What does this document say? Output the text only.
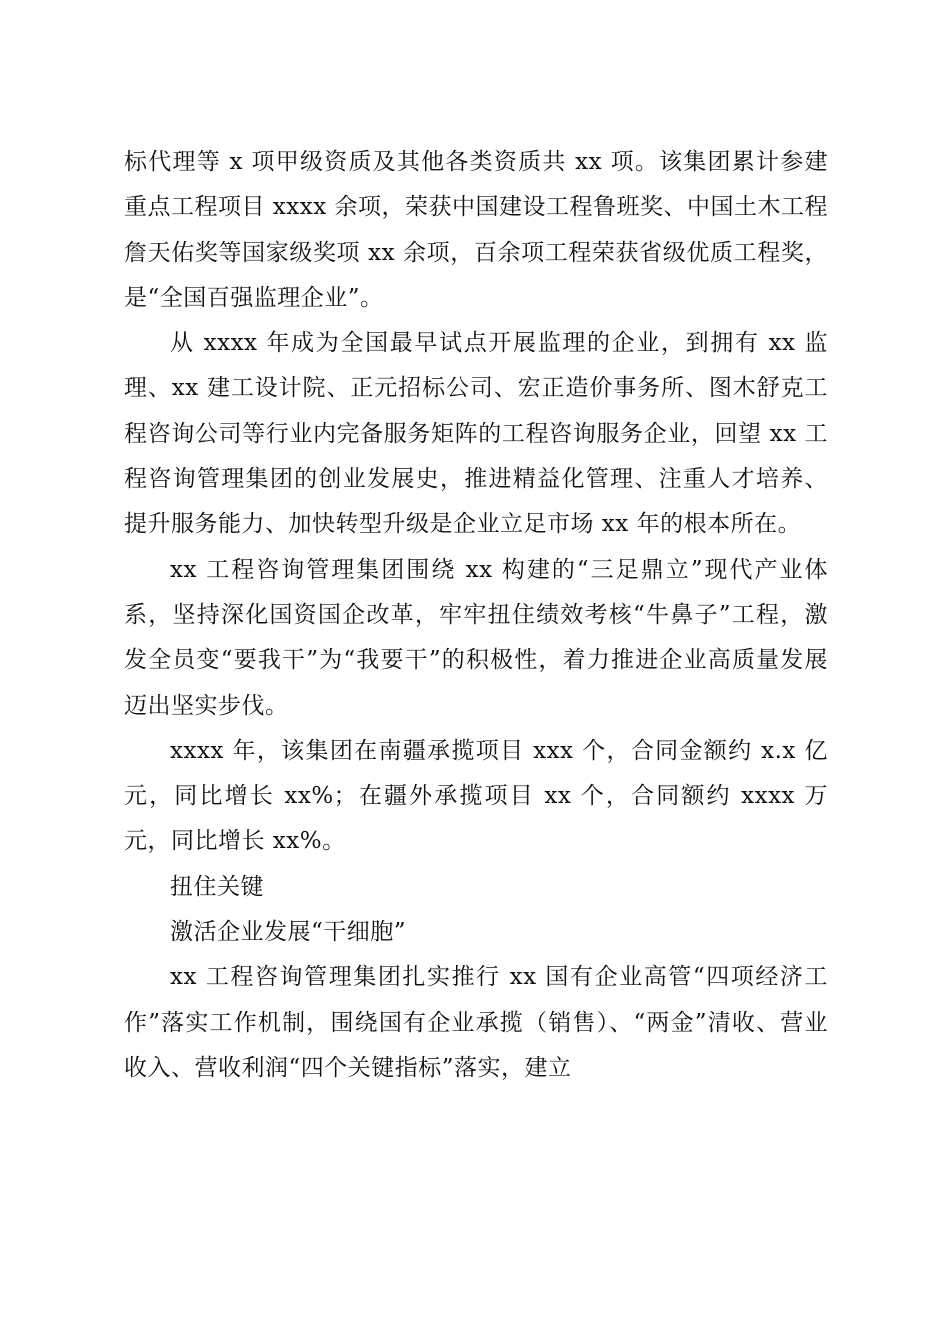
标代理等 x 项甲级资质及其他各类资质共 xx 项。该集团累计参建重点工程项目 xxxx 余项，荣获中国建设工程鲁班奖、中国土木工程詹天佑奖等国家级奖项 xx 余项，百余项工程荣获省级优质工程奖，是“全国百强监理企业”。

从 xxxx 年成为全国最早试点开展监理的企业，到拥有 xx 监理、xx 建工设计院、正元招标公司、宏正造价事务所、图木舒克工程咨询公司等行业内完备服务矩阵的工程咨询服务企业，回望 xx 工程咨询管理集团的创业发展史，推进精益化管理、注重人才培养、提升服务能力、加快转型升级是企业立足市场 xx 年的根本所在。

xx 工程咨询管理集团围绕 xx 构建的“三足鼎立”现代产业体系，坚持深化国资国企改革，牢牢扭住绩效考核“牛鼻子”工程，激发全员变“要我干”为“我要干”的积极性，着力推进企业高质量发展迈出坚实步伐。

xxxx 年，该集团在南疆承揽项目 xxx 个，合同金额约 x.x 亿元，同比增长 xx%；在疆外承揽项目 xx 个，合同额约 xxxx 万元，同比增长 xx%。

扭住关键

激活企业发展“干细胞”

xx 工程咨询管理集团扎实推行 xx 国有企业高管“四项经济工作”落实工作机制，围绕国有企业承揽（销售）、“两金”清收、营业收入、营收利润“四个关键指标”落实，建立
